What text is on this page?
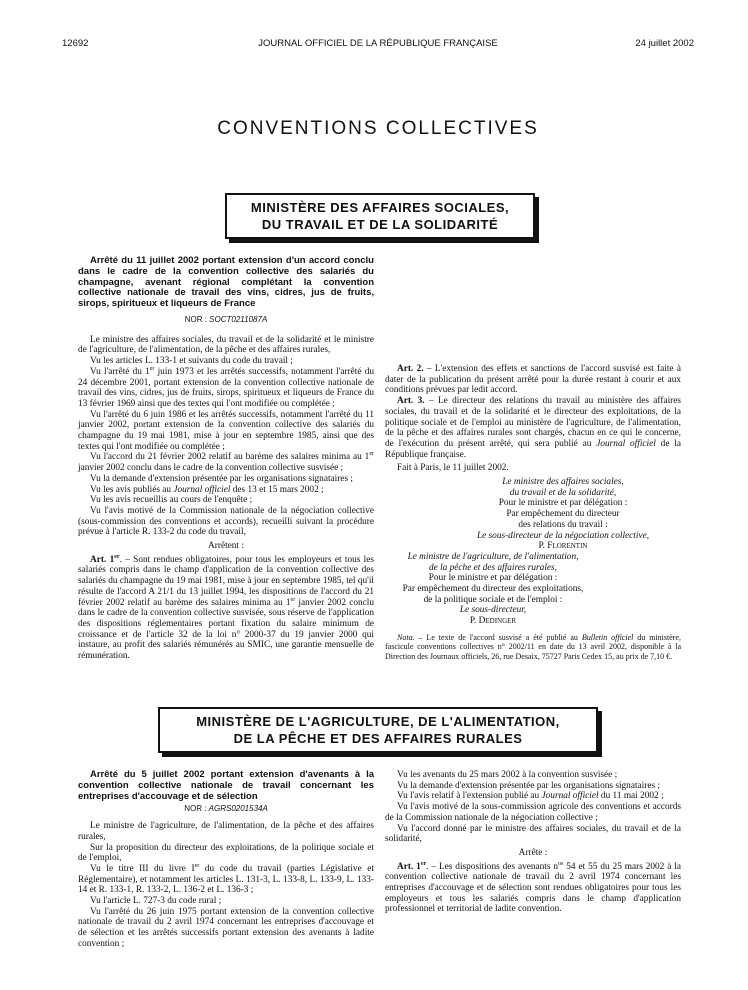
JOURNAL OFFICIEL DE LA RÉPUBLIQUE FRANÇAISE
12692	24 juillet 2002
CONVENTIONS COLLECTIVES
MINISTÈRE DES AFFAIRES SOCIALES,
DU TRAVAIL ET DE LA SOLIDARITÉ

Arrêté du 11 juillet 2002 portant extension d'un accord conclu dans le cadre de la convention collective des salariés du champagne, avenant régional complétant la convention collective nationale de travail des vins, cidres, jus de fruits, sirops, spiritueux et liqueurs de France

NOR : SOCT0211087A

Le ministre des affaires sociales, du travail et de la solidarité et le ministre de l'agriculture, de l'alimentation, de la pêche et des affaires rurales,

Vu les articles L. 133-1 et suivants du code du travail ;

Vu l'arrêté du 1er juin 1973 et les arrêtés successifs, notamment l'arrêté du 24 décembre 2001, portant extension de la convention collective nationale de travail des vins, cidres, jus de fruits, sirops, spiritueux et liqueurs de France du 13 février 1969 ainsi que des textes qui l'ont modifiée ou complétée ;

Vu l'arrêté du 6 juin 1986 et les arrêtés successifs, notamment l'arrêté du 11 janvier 2002, portant extension de la convention collective des salariés du champagne du 19 mai 1981, mise à jour en septembre 1985, ainsi que des textes qui l'ont modifiée ou complétée ;

Vu l'accord du 21 février 2002 relatif au barème des salaires minima au 1er janvier 2002 conclu dans le cadre de la convention collective susvisée ;

Vu la demande d'extension présentée par les organisations signataires ;

Vu les avis publiés au Journal officiel des 13 et 15 mars 2002 ;

Vu les avis recueillis au cours de l'enquête ;

Vu l'avis motivé de la Commission nationale de la négociation collective (sous-commission des conventions et accords), recueilli suivant la procédure prévue à l'article R. 133-2 du code du travail,

Arrêtent :

Art. 1er. – Sont rendues obligatoires, pour tous les employeurs et tous les salariés compris dans le champ d'application de la convention collective des salariés du champagne du 19 mai 1981, mise à jour en septembre 1985, tel qu'il résulte de l'accord A 21/1 du 13 juillet 1994, les dispositions de l'accord du 21 février 2002 relatif au barème des salaires minima au 1er janvier 2002 conclu dans le cadre de la convention collective susvisée, sous réserve de l'application des dispositions réglementaires portant fixation du salaire minimum de croissance et de l'article 32 de la loi n° 2000-37 du 19 janvier 2000 qui instaure, au profit des salariés rémunérés au SMIC, une garantie mensuelle de rémunération.

Art. 2. – L'extension des effets et sanctions de l'accord susvisé est faite à dater de la publication du présent arrêté pour la durée restant à courir et aux conditions prévues par ledit accord.

Art. 3. – Le directeur des relations du travail au ministère des affaires sociales, du travail et de la solidarité et le directeur des exploitations, de la politique sociale et de l'emploi au ministère de l'agriculture, de l'alimentation, de la pêche et des affaires rurales sont chargés, chacun en ce qui le concerne, de l'exécution du présent arrêté, qui sera publié au Journal officiel de la République française.

Fait à Paris, le 11 juillet 2002.

Le ministre des affaires sociales,
du travail et de la solidarité,
Pour le ministre et par délégation :
Par empêchement du directeur
des relations du travail :
Le sous-directeur de la négociation collective,
P. Florentin
Le ministre de l'agriculture, de l'alimentation,
de la pêche et des affaires rurales,
Pour le ministre et par délégation :
Par empêchement du directeur des exploitations,
de la politique sociale et de l'emploi :
Le sous-directeur,
P. Dedinger

Nota. – Le texte de l'accord susvisé a été publié au Bulletin officiel du ministère, fascicule conventions collectives n° 2002/11 en date du 13 avril 2002, disponible à la Direction des Journaux officiels, 26, rue Desaix, 75727 Paris Cedex 15, au prix de 7,10 €.

MINISTÈRE DE L'AGRICULTURE, DE L'ALIMENTATION,
DE LA PÊCHE ET DES AFFAIRES RURALES

Arrêté du 5 juillet 2002 portant extension d'avenants à la convention collective nationale de travail concernant les entreprises d'accouvage et de sélection

NOR : AGRS0201534A

Le ministre de l'agriculture, de l'alimentation, de la pêche et des affaires rurales,

Sur la proposition du directeur des exploitations, de la politique sociale et de l'emploi,

Vu le titre III du livre Ier du code du travail (parties Législative et Réglementaire), et notamment les articles L. 131-3, L. 133-8, L. 133-9, L. 133-14 et R. 133-1, R. 133-2, L. 136-2 et L. 136-3 ;

Vu l'article L. 727-3 du code rural ;

Vu l'arrêté du 26 juin 1975 portant extension de la convention collective nationale de travail du 2 avril 1974 concernant les entreprises d'accouvage et de sélection et les arrêtés successifs portant extension des avenants à ladite convention ;

Vu les avenants du 25 mars 2002 à la convention susvisée ;

Vu la demande d'extension présentée par les organisations signataires ;

Vu l'avis relatif à l'extension publié au Journal officiel du 11 mai 2002 ;

Vu l'avis motivé de la sous-commission agricole des conventions et accords de la Commission nationale de la négociation collective ;

Vu l'accord donné par le ministre des affaires sociales, du travail et de la solidarité,

Arrête :

Art. 1er. – Les dispositions des avenants $n^{os}$ 54 et 55 du 25 mars 2002 à la convention collective nationale de travail du 2 avril 1974 concernant les entreprises d'accouvage et de sélection sont rendues obligatoires pour tous les employeurs et tous les salariés compris dans le champ d'application professionnel et territorial de ladite convention.
